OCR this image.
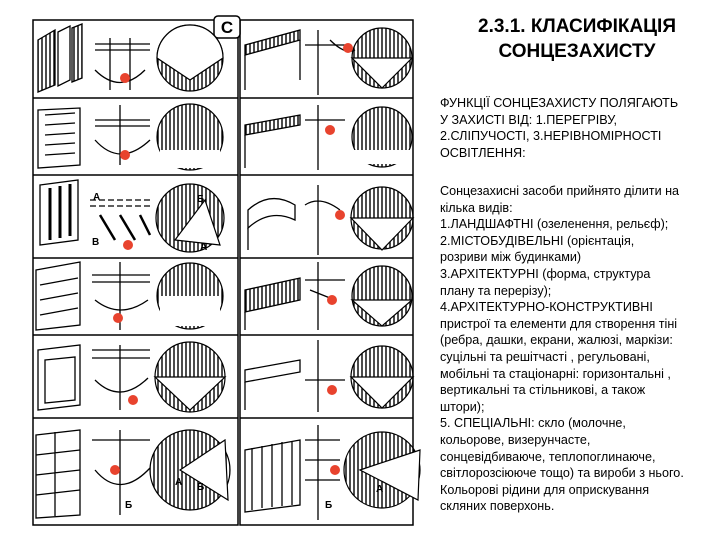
С
А	Б
В	А
Б
А
Б
А
Б
2.3.1. КЛАСИФІКАЦІЯ
СОНЦЕЗАХИСТУ
ФУНКЦІЇ СОНЦЕЗАХИСТУ ПОЛЯГАЮТЬ
У ЗАХИСТІ ВІД: 1.ПЕРЕГРІВУ,
2.СЛІПУЧОСТІ, 3.НЕРІВНОМІРНОСТІ
ОСВІТЛЕННЯ:
Сонцезахисні засоби прийнято ділити на
кілька видів:
1.ЛАНДШАФТНІ (озеленення, рельєф);
2.МІСТОБУДІВЕЛЬНІ (орієнтація,
розриви між будинками)
3.АРХІТЕКТУРНІ (форма, структура
плану та перерізу);
4.АРХІТЕКТУРНО-КОНСТРУКТИВНІ
пристрої та елементи для створення тіні
(ребра, дашки, екрани, жалюзі, маркізи:
суцільні та решітчасті , регульовані,
мобільні та стаціонарні: горизонтальні ,
вертикальні та стільникові, а також
штори);
5. СПЕЦІАЛЬНІ: скло (молочне,
кольорове, визерунчасте,
сонцевідбиваюче, теплопоглинаюче,
світлорозсіююче тощо) та вироби з нього.
Кольорові рідини для оприскування
скляних поверхонь.
